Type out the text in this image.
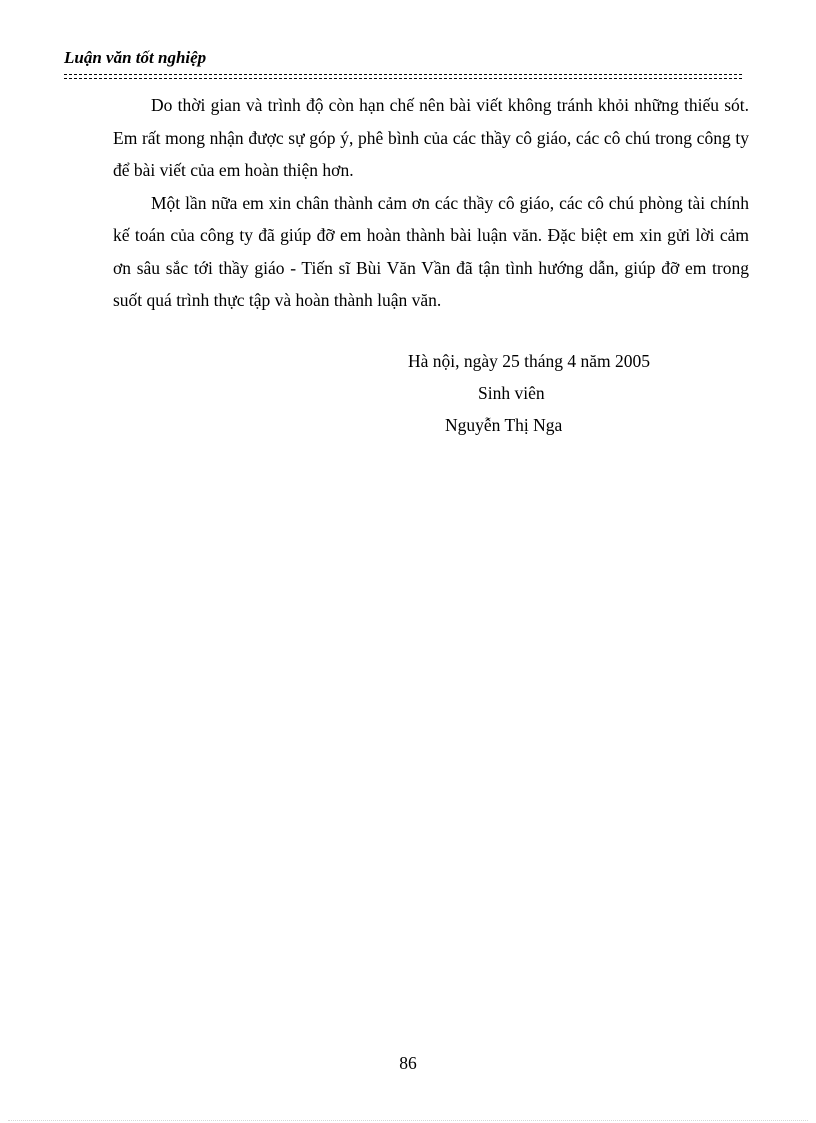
Luận văn tốt nghiệp

Do thời gian và trình độ còn hạn chế nên bài viết không tránh khỏi những thiếu sót. Em rất mong nhận được sự góp ý, phê bình của các thầy cô giáo, các cô chú trong công ty để bài viết của em hoàn thiện hơn.

Một lần nữa em xin chân thành cảm ơn các thầy cô giáo, các cô chú phòng tài chính kế toán của công ty đã giúp đỡ em hoàn thành bài luận văn. Đặc biệt em xin gửi lời cảm ơn sâu sắc tới thầy giáo - Tiến sĩ Bùi Văn Vần đã tận tình hướng dẫn, giúp đỡ em trong suốt quá trình thực tập và hoàn thành luận văn.

Hà nội, ngày 25 tháng 4 năm 2005
Sinh viên
Nguyễn Thị Nga
86
